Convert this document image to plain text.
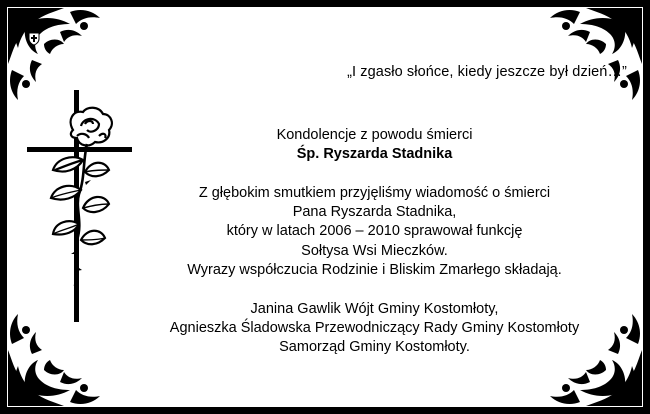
„I zgasło słońce, kiedy jeszcze był dzień…”
Kondolencje z powodu śmierci
Śp. Ryszarda Stadnika
Z głębokim smutkiem przyjęliśmy wiadomość o śmierci
Pana Ryszarda Stadnika,
który w latach 2006 – 2010 sprawował funkcję
Sołtysa Wsi Mieczków.
Wyrazy współczucia Rodzinie i Bliskim Zmarłego składają.
Janina Gawlik Wójt Gminy Kostomłoty,
Agnieszka Śladowska Przewodniczący Rady Gminy Kostomłoty
Samorząd Gminy Kostomłoty.
